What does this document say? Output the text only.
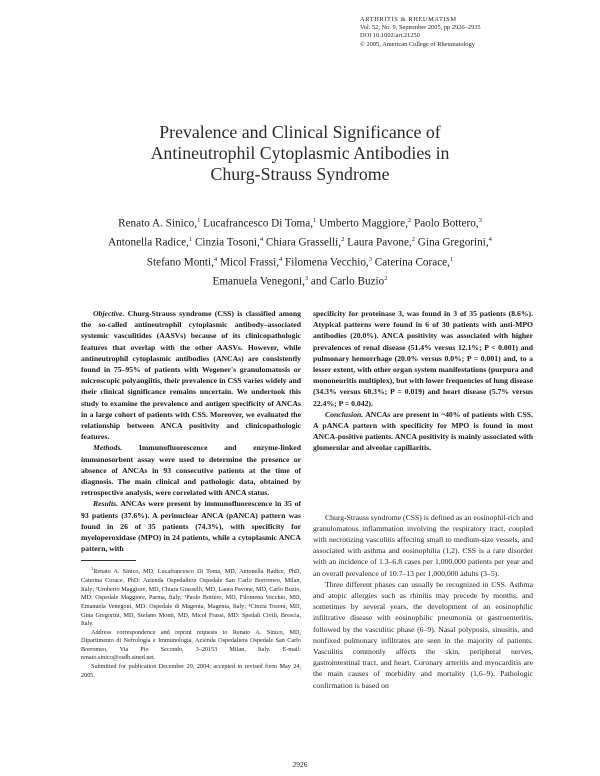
ARTHRITIS & RHEUMATISM
Vol. 52, No. 9, September 2005, pp 2926–2935
DOI 10.1002/art.21250
© 2005, American College of Rheumatology
Prevalence and Clinical Significance of
Antineutrophil Cytoplasmic Antibodies in
Churg-Strauss Syndrome
Renato A. Sinico,$^1$ Lucafrancesco Di Toma,$^1$ Umberto Maggiore,$^2$ Paolo Bottero,$^3$
Antonella Radice,$^1$ Cinzia Tosoni,$^4$ Chiara Grasselli,$^2$ Laura Pavone,$^2$ Gina Gregorini,$^4$
Stefano Monti,$^4$ Micol Frassi,$^4$ Filomena Vecchio,$^3$ Caterina Corace,$^1$
Emanuela Venegoni,$^3$ and Carlo Buzio$^2$

Objective. Churg-Strauss syndrome (CSS) is classified among the so-called antineutrophil cytoplasmic antibody–associated systemic vasculitides (AASVs) because of its clinicopathologic features that overlap with the other AASVs. However, while antineutrophil cytoplasmic antibodies (ANCAs) are consistently found in 75–95% of patients with Wegener's granulomatosis or microscopic polyangiitis, their prevalence in CSS varies widely and their clinical significance remains uncertain. We undertook this study to examine the prevalence and antigen specificity of ANCAs in a large cohort of patients with CSS. Moreover, we evaluated the relationship between ANCA positivity and clinicopathologic features.

Methods. Immunofluorescence and enzyme-linked immunosorbent assay were used to determine the presence or absence of ANCAs in 93 consecutive patients at the time of diagnosis. The main clinical and pathologic data, obtained by retrospective analysis, were correlated with ANCA status.

Results. ANCAs were present by immunofluorescence in 35 of 93 patients (37.6%). A perinuclear ANCA (pANCA) pattern was found in 26 of 35 patients (74.3%), with specificity for myeloperoxidase (MPO) in 24 patients, while a cytoplasmic ANCA pattern, with

$^1$Renato A. Sinico, MD, Lucafrancesco Di Toma, MD, Antonella Radice, PhD, Caterina Corace, PhD: Azienda Ospedaliera Ospedale San Carlo Borromeo, Milan, Italy; ²Umberto Maggiore, MD, Chiara Grasselli, MD, Laura Pavone, MD, Carlo Buzio, MD: Ospedale Maggiore, Parma, Italy; ³Paolo Bottero, MD, Filomena Vecchio, MD, Emanuela Venegoni, MD: Ospedale di Magenta, Magenta, Italy; ⁴Cinzia Tosoni, MD, Gina Gregorini, MD, Stefano Monti, MD, Micol Frassi, MD: Spedali Civili, Brescia, Italy.

Address correspondence and reprint requests to Renato A. Sinico, MD, Dipartimento di Nefrologia e Immunologia, Azienda Ospedaliera Ospedale San Carlo Borromeo, Via Pio Secondo, 3–20153 Milan, Italy. E-mail: renato.sinico@osdb.sined.net.

Submitted for publication December 29, 2004; accepted in revised form May 24, 2005.

specificity for proteinase 3, was found in 3 of 35 patients (8.6%). Atypical patterns were found in 6 of 30 patients with anti-MPO antibodies (20.0%). ANCA positivity was associated with higher prevalences of renal disease (51.4% versus 12.1%; P < 0.001) and pulmonary hemorrhage (20.0% versus 0.0%; P = 0.001) and, to a lesser extent, with other organ system manifestations (purpura and mononeuritis multiplex), but with lower frequencies of lung disease (34.3% versus 60.3%; P = 0.019) and heart disease (5.7% versus 22.4%; P = 0.042).

Conclusion. ANCAs are present in ~40% of patients with CSS. A pANCA pattern with specificity for MPO is found in most ANCA-positive patients. ANCA positivity is mainly associated with glomerular and alveolar capillaritis.

Churg-Strauss syndrome (CSS) is defined as an eosinophil-rich and granulomatous inflammation involving the respiratory tract, coupled with necrotizing vasculitis affecting small to medium-size vessels, and associated with asthma and eosinophilia (1,2). CSS is a rare disorder with an incidence of 1.3–6.8 cases per 1,000,000 patients per year and an overall prevalence of 10.7–13 per 1,000,000 adults (3–5).

Three different phases can usually be recognized in CSS. Asthma and atopic allergies such as rhinitis may precede by months, and sometimes by several years, the development of an eosinophilic infiltrative disease with eosinophilic pneumonia or gastroenteritis, followed by the vasculitic phase (6–9). Nasal polyposis, sinusitis, and nonfixed pulmonary infiltrates are seen in the majority of patients. Vasculitis commonly affects the skin, peripheral nerves, gastrointestinal tract, and heart. Coronary arteritis and myocarditis are the main causes of morbidity and mortality (1,6–9). Pathologic confirmation is based on

2926
